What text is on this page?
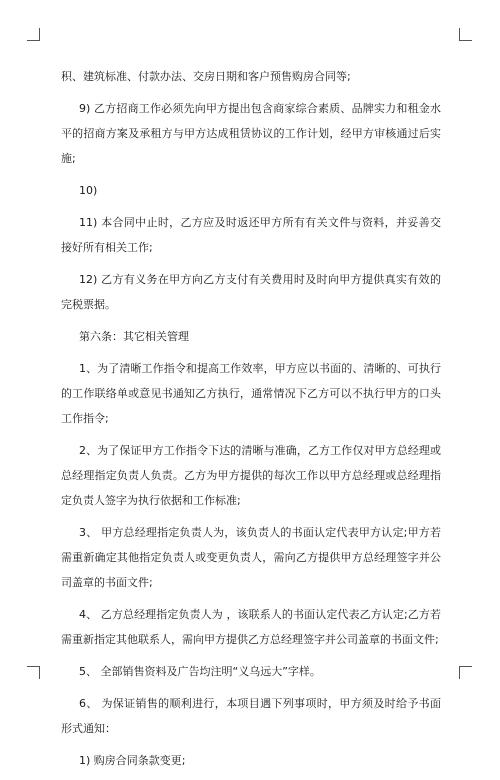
积、建筑标准、付款办法、交房日期和客户预售购房合同等;

9) 乙方招商工作必须先向甲方提出包含商家综合素质、品牌实力和租金水平的招商方案及承租方与甲方达成租赁协议的工作计划，经甲方审核通过后实施;

10)

11) 本合同中止时，乙方应及时返还甲方所有有关文件与资料，并妥善交接好所有相关工作;

12) 乙方有义务在甲方向乙方支付有关费用时及时向甲方提供真实有效的完税票据。

第六条：其它相关管理

1、为了清晰工作指令和提高工作效率，甲方应以书面的、清晰的、可执行的工作联络单或意见书通知乙方执行，通常情况下乙方可以不执行甲方的口头工作指令;

2、为了保证甲方工作指令下达的清晰与准确，乙方工作仅对甲方总经理或总经理指定负责人负责。乙方为甲方提供的每次工作以甲方总经理或总经理指定负责人签字为执行依据和工作标准;

3、 甲方总经理指定负责人为，该负责人的书面认定代表甲方认定;甲方若需重新确定其他指定负责人或变更负责人，需向乙方提供甲方总经理签字并公司盖章的书面文件;

4、 乙方总经理指定负责人为 ，该联系人的书面认定代表乙方认定;乙方若需重新指定其他联系人，需向甲方提供乙方总经理签字并公司盖章的书面文件;

5、 全部销售资料及广告均注明“义乌远大”字样。

6、 为保证销售的顺利进行，本项目遇下列事项时，甲方须及时给予书面形式通知：

1) 购房合同条款变更;
